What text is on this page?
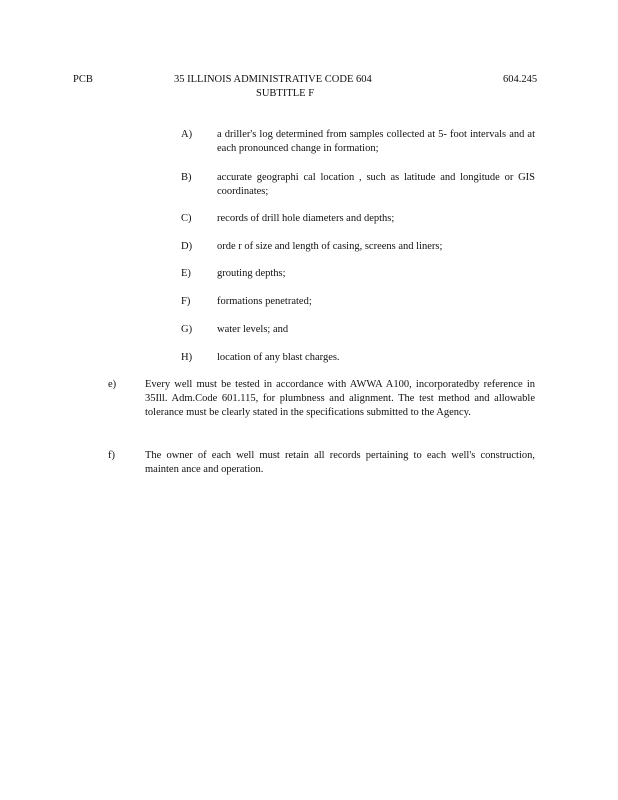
PCB	35 ILLINOIS ADMINISTRATIVE CODE 604
SUBTITLE F
604.245
A) a driller's log determined from samples collected at 5- foot intervals and at each pronounced change in formation;
B) accurate geographi cal location , such as latitude and longitude or GIS coordinates;
C) records of drill hole diameters and depths;
D) orde r of size and length of casing, screens and liners;
E) grouting depths;
F)	formations penetrated;
G) water levels; and
H) location of any blast charges.
e)	Every well must be tested in accordance with AWWA A100, incorporatedby reference in 35Ill. Adm.Code 601.115, for plumbness and alignment. The test method and allowable tolerance must be clearly stated in the specifications submitted to the Agency.
f)	The owner of each well must retain all records pertaining to each well's construction, mainten ance and operation.
